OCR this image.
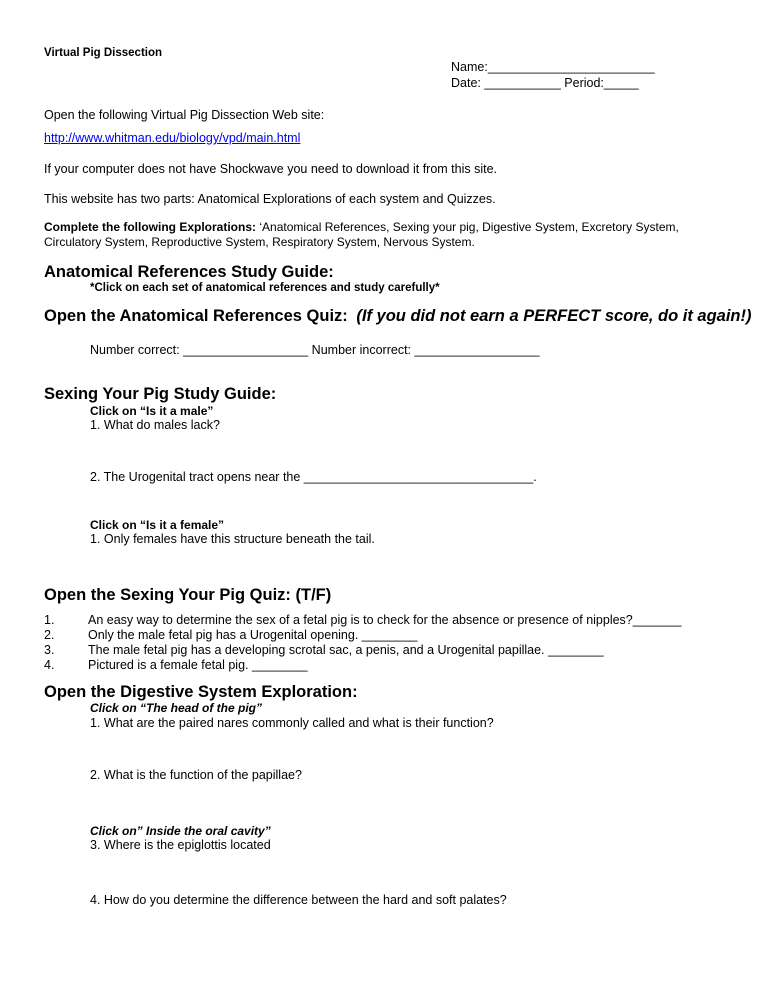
Virtual Pig Dissection
Name:________________________
Date: ___________ Period:_____
Open the following Virtual Pig Dissection Web site:
http://www.whitman.edu/biology/vpd/main.html
If your computer does not have Shockwave you need to download it from this site.
This website has two parts: Anatomical Explorations of each system and Quizzes.
Complete the following Explorations: ‘Anatomical References, Sexing your pig, Digestive System, Excretory System,
Circulatory System, Reproductive System, Respiratory System, Nervous System.
Anatomical References Study Guide:
*Click on each set of anatomical references and study carefully*
Open the Anatomical References Quiz: (If you did not earn a PERFECT score, do it again!)
Number correct: __________________ Number incorrect: __________________
Sexing Your Pig Study Guide:
Click on “Is it a male”
1. What do males lack?
2. The Urogenital tract opens near the _________________________________.
Click on “Is it a female”
1. Only females have this structure beneath the tail.
Open the Sexing Your Pig Quiz: (T/F)
1.	An easy way to determine the sex of a fetal pig is to check for the absence or presence of nipples?_______
2.	Only the male fetal pig has a Urogenital opening. ________
3.	The male fetal pig has a developing scrotal sac, a penis, and a Urogenital papillae. ________
4.	Pictured is a female fetal pig. ________
Open the Digestive System Exploration:
Click on “The head of the pig”
1. What are the paired nares commonly called and what is their function?
2. What is the function of the papillae?
Click on” Inside the oral cavity”
3. Where is the epiglottis located
4. How do you determine the difference between the hard and soft palates?
